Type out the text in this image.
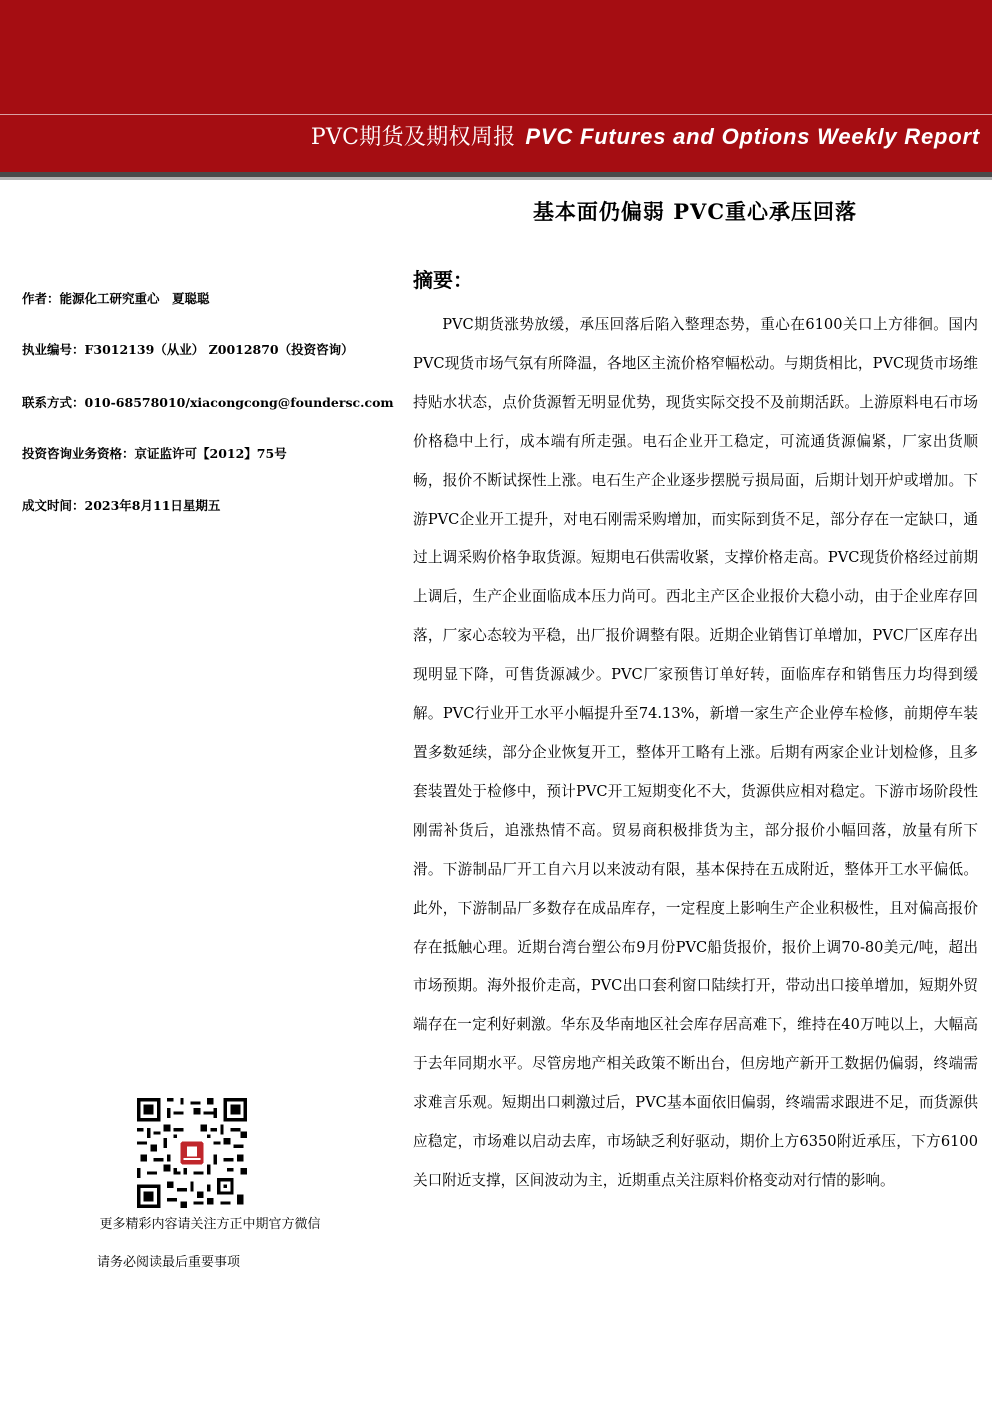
PVC期货及期权周报 PVC Futures and Options Weekly Report
基本面仍偏弱 PVC重心承压回落
作者：能源化工研究重心　夏聪聪
执业编号：F3012139（从业） Z0012870（投资咨询）
联系方式：010-68578010/xiacongcong@foundersc.com
投资咨询业务资格：京证监许可【2012】75号
成文时间：2023年8月11日星期五
更多精彩内容请关注方正中期官方微信
请务必阅读最后重要事项
摘要：

PVC期货涨势放缓，承压回落后陷入整理态势，重心在6100关口上方徘徊。国内PVC现货市场气氛有所降温，各地区主流价格窄幅松动。与期货相比，PVC现货市场维持贴水状态，点价货源暂无明显优势，现货实际交投不及前期活跃。上游原料电石市场价格稳中上行，成本端有所走强。电石企业开工稳定，可流通货源偏紧，厂家出货顺畅，报价不断试探性上涨。电石生产企业逐步摆脱亏损局面，后期计划开炉或增加。下游PVC企业开工提升，对电石刚需采购增加，而实际到货不足，部分存在一定缺口，通过上调采购价格争取货源。短期电石供需收紧，支撑价格走高。PVC现货价格经过前期上调后，生产企业面临成本压力尚可。西北主产区企业报价大稳小动，由于企业库存回落，厂家心态较为平稳，出厂报价调整有限。近期企业销售订单增加，PVC厂区库存出现明显下降，可售货源减少。PVC厂家预售订单好转，面临库存和销售压力均得到缓解。PVC行业开工水平小幅提升至74.13%，新增一家生产企业停车检修，前期停车装置多数延续，部分企业恢复开工，整体开工略有上涨。后期有两家企业计划检修，且多套装置处于检修中，预计PVC开工短期变化不大，货源供应相对稳定。下游市场阶段性刚需补货后，追涨热情不高。贸易商积极排货为主，部分报价小幅回落，放量有所下滑。下游制品厂开工自六月以来波动有限，基本保持在五成附近，整体开工水平偏低。此外，下游制品厂多数存在成品库存，一定程度上影响生产企业积极性，且对偏高报价存在抵触心理。近期台湾台塑公布9月份PVC船货报价，报价上调70-80美元/吨，超出市场预期。海外报价走高，PVC出口套利窗口陆续打开，带动出口接单增加，短期外贸端存在一定利好刺激。华东及华南地区社会库存居高难下，维持在40万吨以上，大幅高于去年同期水平。尽管房地产相关政策不断出台，但房地产新开工数据仍偏弱，终端需求难言乐观。短期出口刺激过后，PVC基本面依旧偏弱，终端需求跟进不足，而货源供应稳定，市场难以启动去库，市场缺乏利好驱动，期价上方6350附近承压，下方6100关口附近支撑，区间波动为主，近期重点关注原料价格变动对行情的影响。
